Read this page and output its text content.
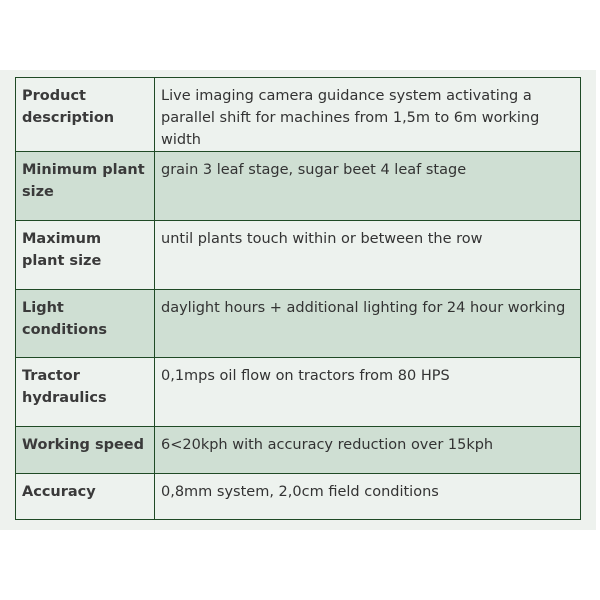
Product description	Live imaging camera guidance system activating a parallel shift for machines from 1,5m to 6m working width
Minimum plant size	grain 3 leaf stage, sugar beet 4 leaf stage
Maximum plant size	until plants touch within or between the row
Light conditions	daylight hours + additional lighting for 24 hour working
Tractor hydraulics	0,1mps oil flow on tractors from 80 HPS
Working speed	6<20kph with accuracy reduction over 15kph
Accuracy	0,8mm system, 2,0cm field conditions
